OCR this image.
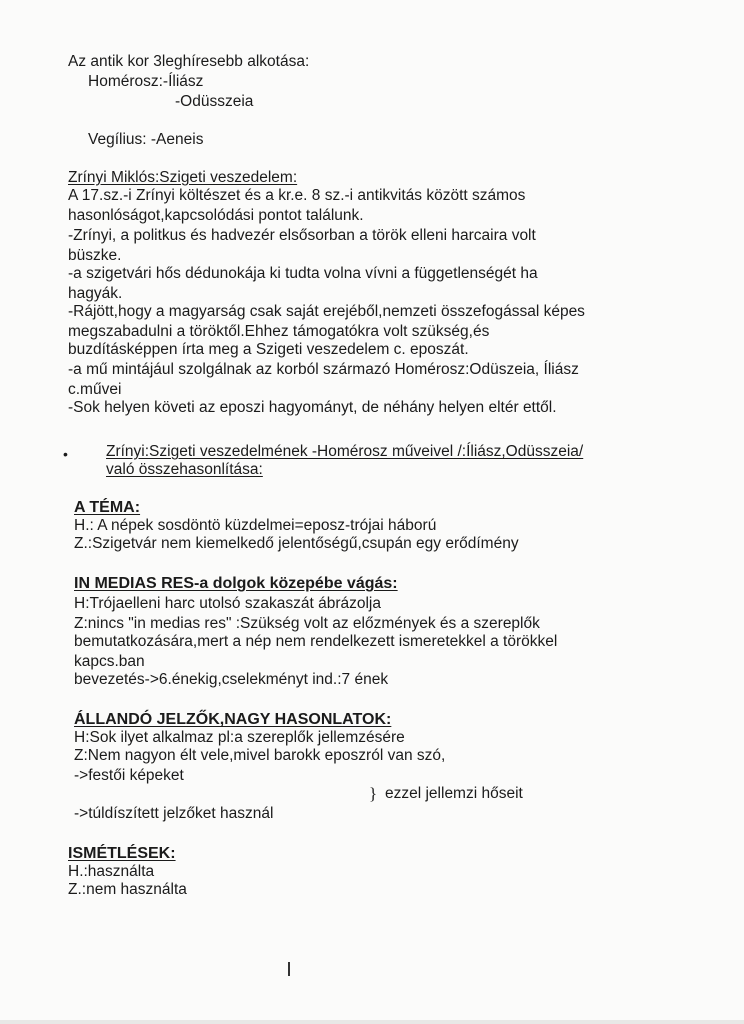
Az antik kor 3leghíresebb alkotása:
Homérosz:-Íliász
-Odüsszeia
Vegílius: -Aeneis
Zrínyi Miklós:Szigeti veszedelem:
A 17.sz.-i Zrínyi költészet és a kr.e. 8 sz.-i antikvitás között számos
hasonlóságot,kapcsolódási pontot találunk.
-Zrínyi, a politkus és hadvezér elsősorban a török elleni harcaira volt
büszke.
-a szigetvári hős dédunokája ki tudta volna vívni a függetlenségét ha
hagyák.
-Rájött,hogy a magyarság csak saját erejéből,nemzeti összefogással képes
megszabadulni a töröktől.Ehhez támogatókra volt szükség,és
buzdításképpen írta meg a Szigeti veszedelem c. eposzát.
-a mű mintájául szolgálnak az korból származó Homérosz:Odüszeia, Íliász
c.művei
-Sok helyen követi az eposzi hagyományt, de néhány helyen eltér ettől.
• Zrínyi:Szigeti veszedelmének -Homérosz műveivel /:Íliász,Odüsszeia/
való összehasonlítása:
A TÉMA:
H.: A népek sosdöntö küzdelmei=eposz-trójai háború
Z.:Szigetvár nem kiemelkedő jelentőségű,csupán egy erődímény
IN MEDIAS RES-a dolgok közepébe vágás:
H:Trójaelleni harc utolsó szakaszát ábrázolja
Z:nincs "in medias res" :Szükség volt az előzmények és a szereplők
bemutatkozására,mert a nép nem rendelkezett ismeretekkel a törökkel
kapcs.ban
bevezetés->6.énekig,cselekményt ind.:7 ének
ÁLLANDÓ JELZŐK,NAGY HASONLATOK:
H:Sok ilyet alkalmaz pl:a szereplők jellemzésére
Z:Nem nagyon élt vele,mivel barokk eposzról van szó,
->festői képeket
} ezzel jellemzi hőseit
->túldíszített jelzőket használ
ISMÉTLÉSEK:
H.:használta
Z.:nem használta
